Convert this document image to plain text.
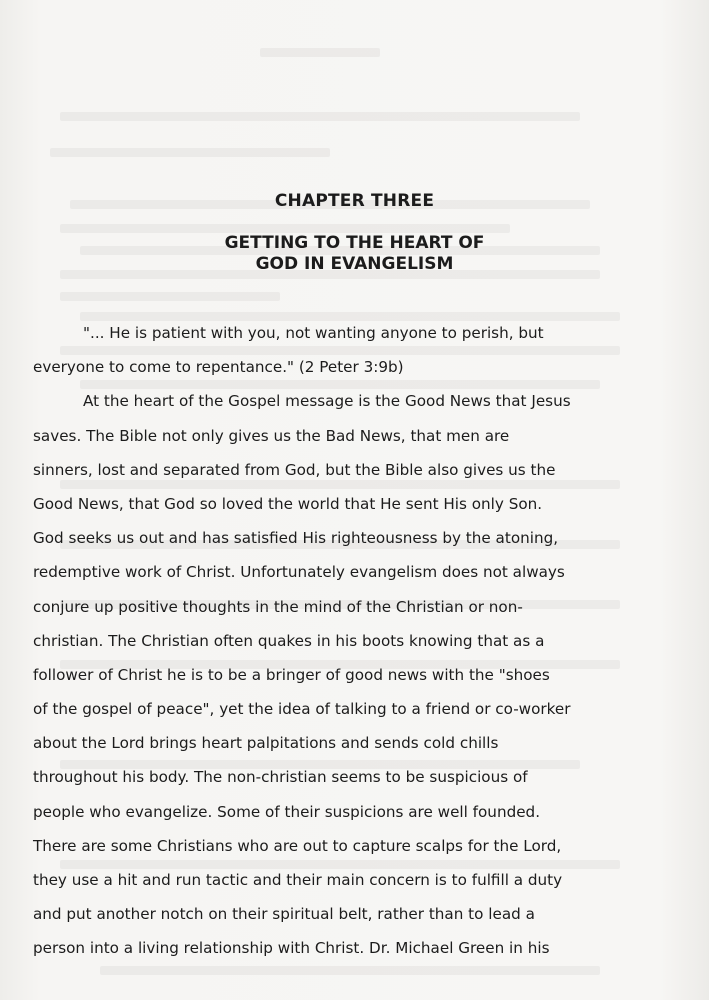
CHAPTER THREE
GETTING TO THE HEART OF
GOD IN EVANGELISM
"... He is patient with you, not wanting anyone to perish, but
everyone to come to repentance." (2 Peter 3:9b)
At the heart of the Gospel message is the Good News that Jesus
saves. The Bible not only gives us the Bad News, that men are
sinners, lost and separated from God, but the Bible also gives us the
Good News, that God so loved the world that He sent His only Son.
God seeks us out and has satisfied His righteousness by the atoning,
redemptive work of Christ. Unfortunately evangelism does not always
conjure up positive thoughts in the mind of the Christian or non-
christian. The Christian often quakes in his boots knowing that as a
follower of Christ he is to be a bringer of good news with the "shoes
of the gospel of peace", yet the idea of talking to a friend or co-worker
about the Lord brings heart palpitations and sends cold chills
throughout his body. The non-christian seems to be suspicious of
people who evangelize. Some of their suspicions are well founded.
There are some Christians who are out to capture scalps for the Lord,
they use a hit and run tactic and their main concern is to fulfill a duty
and put another notch on their spiritual belt, rather than to lead a
person into a living relationship with Christ. Dr. Michael Green in his
